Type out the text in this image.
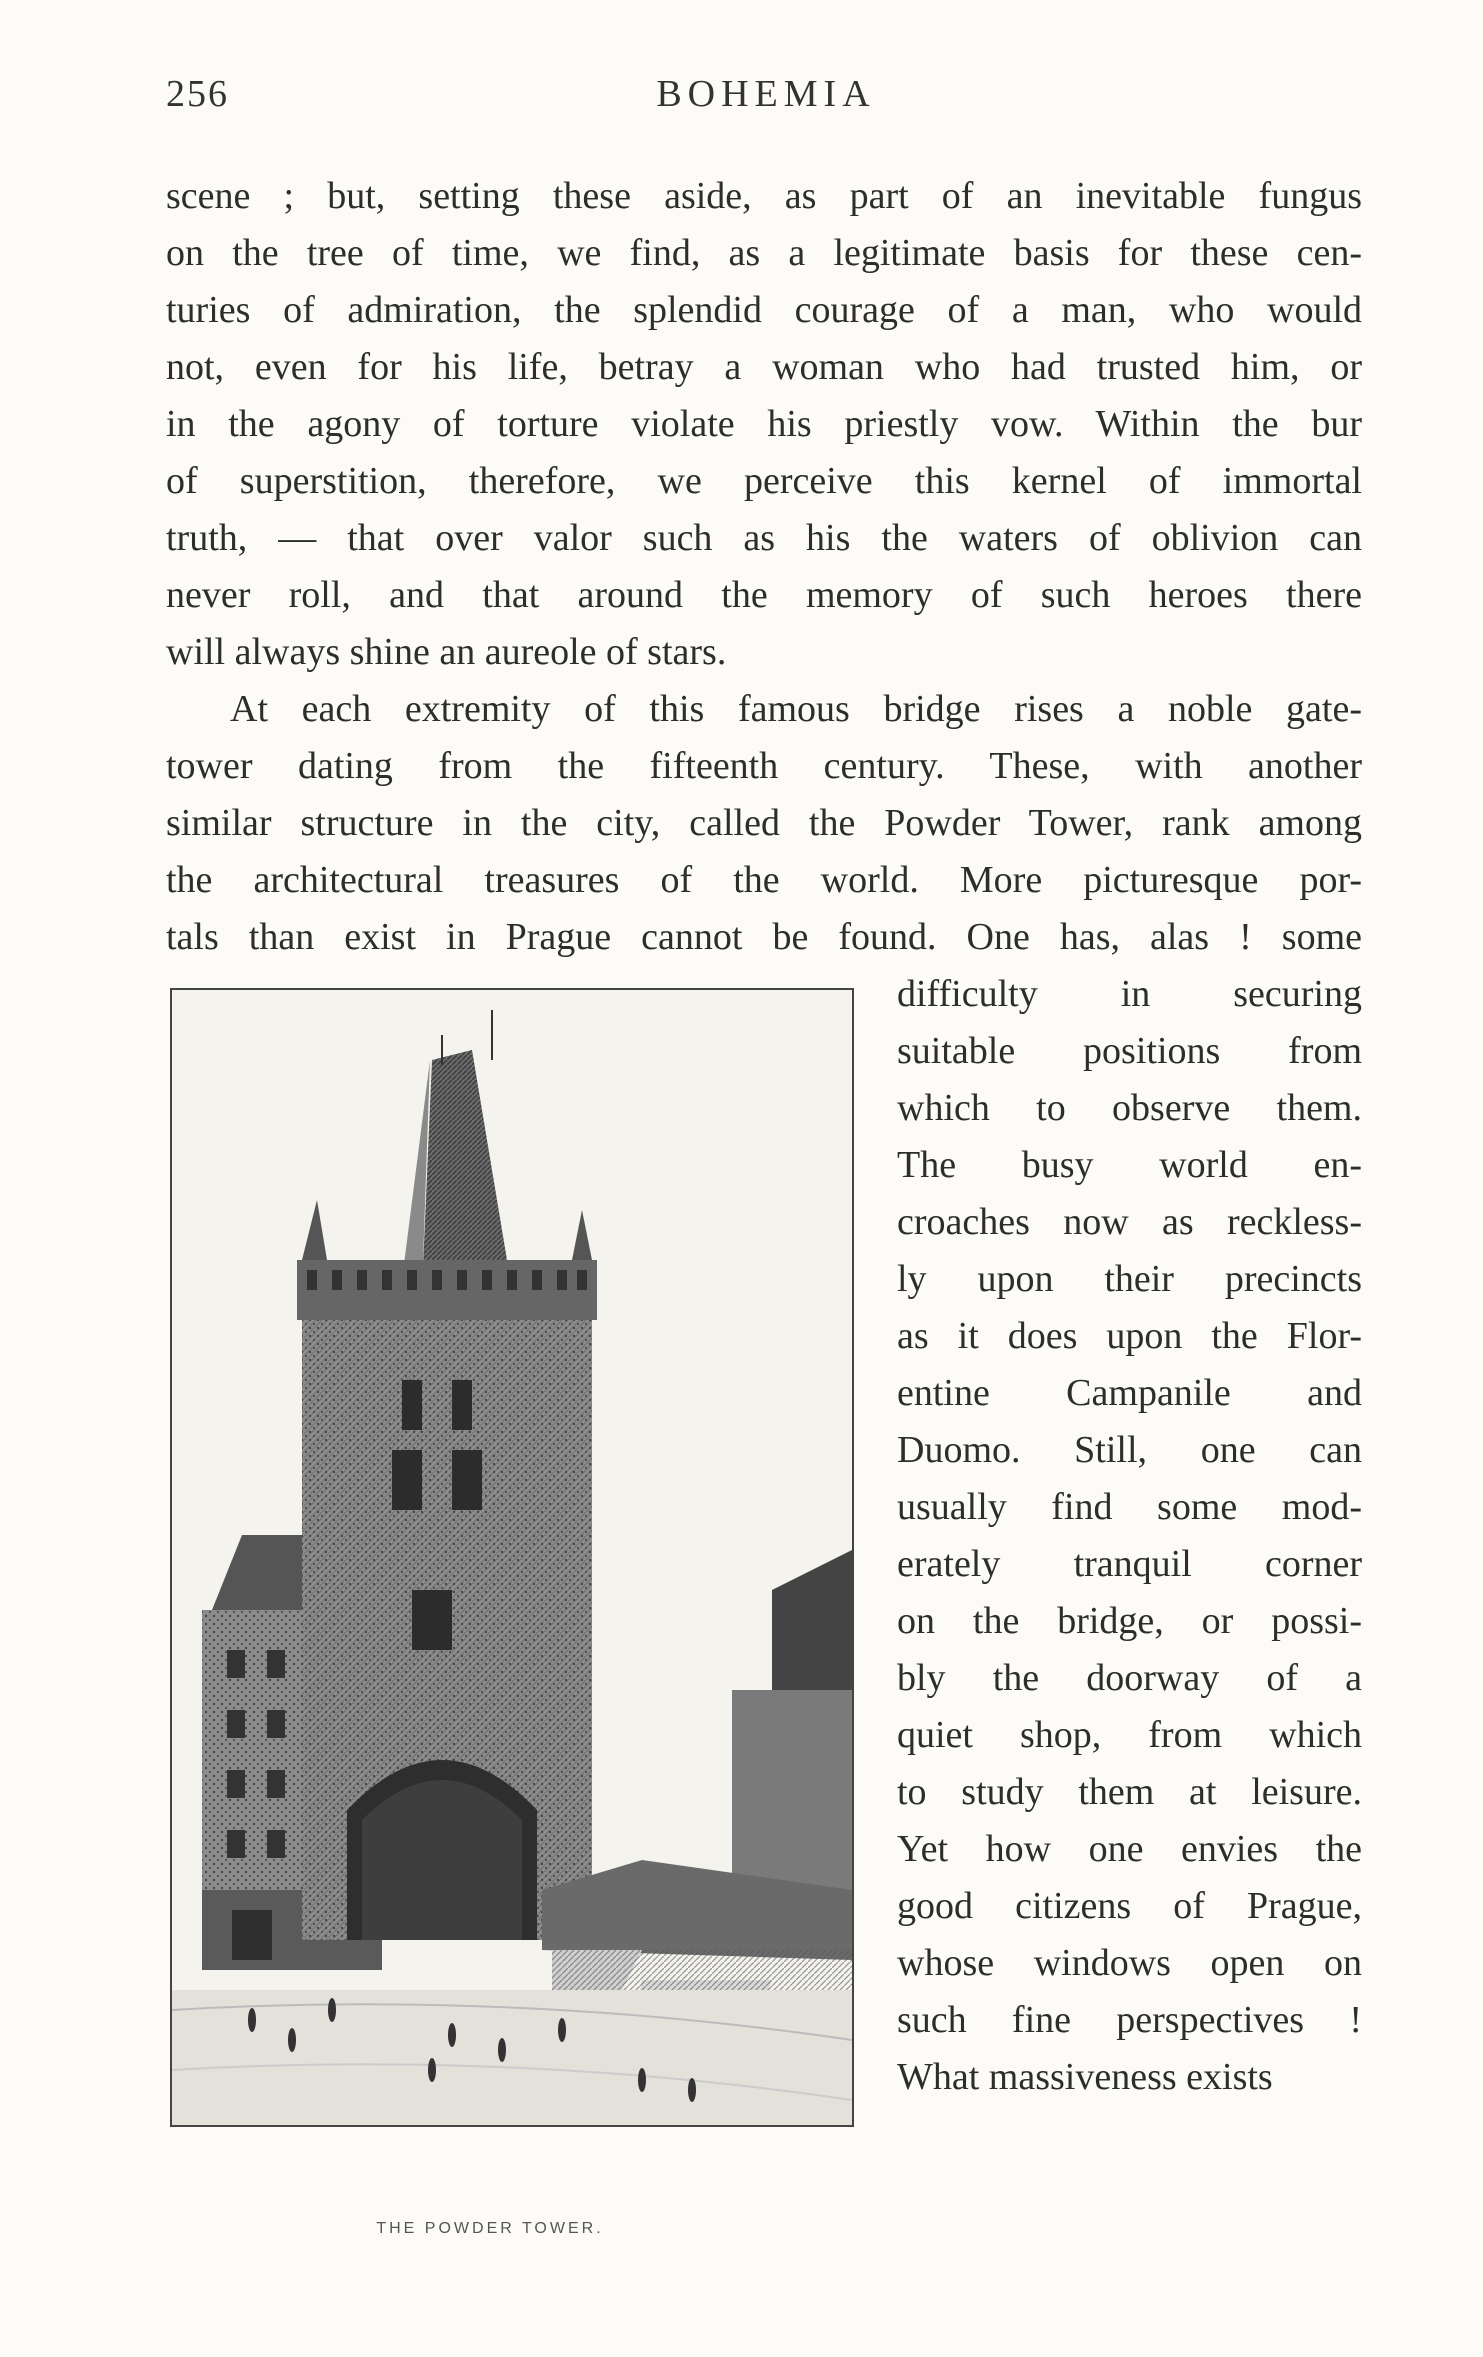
256	BOHEMIA
scene ; but, setting these aside, as part of an inevitable fungus
on the tree of time, we find, as a legitimate basis for these cen-
turies of admiration, the splendid courage of a man, who would
not, even for his life, betray a woman who had trusted him, or
in the agony of torture violate his priestly vow. Within the bur
of superstition, therefore, we perceive this kernel of immortal
truth, — that over valor such as his the waters of oblivion can
never roll, and that around the memory of such heroes there
will always shine an aureole of stars.
At each extremity of this famous bridge rises a noble gate-
tower dating from the fifteenth century. These, with another
similar structure in the city, called the Powder Tower, rank among
the architectural treasures of the world. More picturesque por-
tals than exist in Prague cannot be found. One has, alas ! some
difficulty in securing
suitable positions from
which to observe them.
The busy world en-
croaches now as reckless-
ly upon their precincts
as it does upon the Flor-
entine Campanile and
Duomo. Still, one can
usually find some mod-
erately tranquil corner
on the bridge, or possi-
bly the doorway of a
quiet shop, from which
to study them at leisure.
Yet how one envies the
good citizens of Prague,
whose windows open on
such fine perspectives !
What massiveness exists
THE POWDER TOWER.
